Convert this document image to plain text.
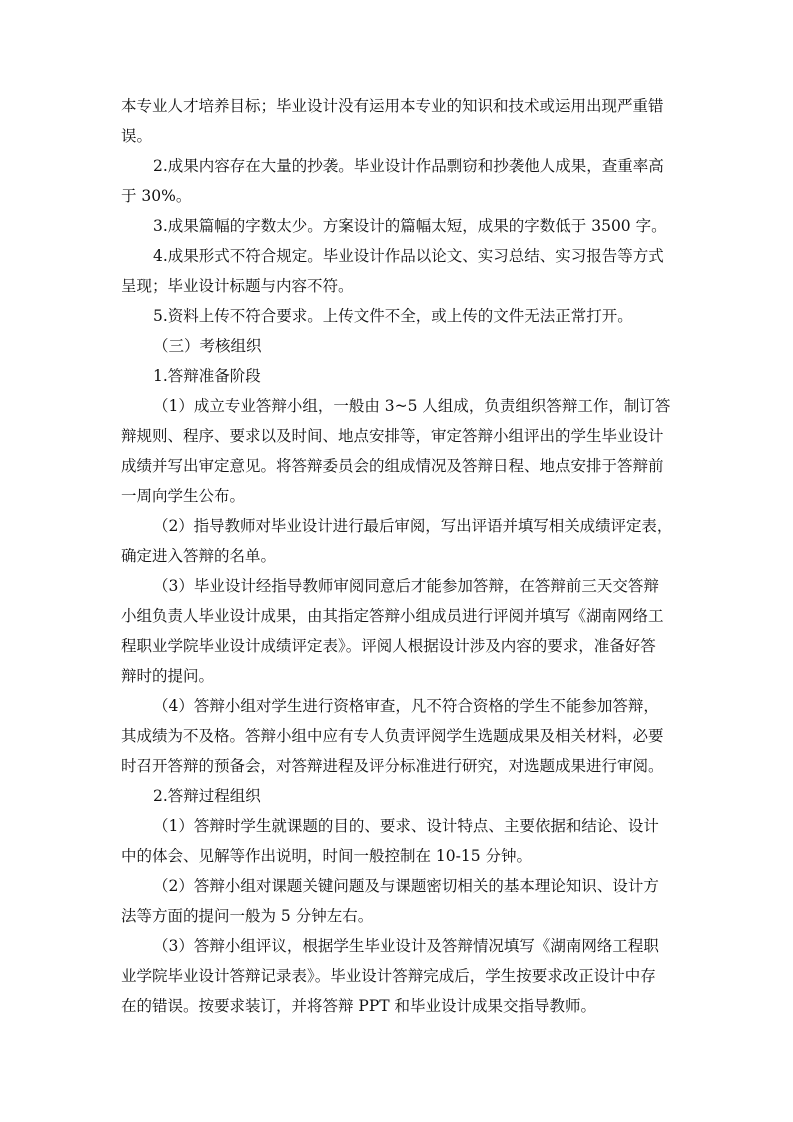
本专业人才培养目标；毕业设计没有运用本专业的知识和技术或运用出现严重错
误。
2.成果内容存在大量的抄袭。毕业设计作品剽窃和抄袭他人成果，查重率高
于 30%。
3.成果篇幅的字数太少。方案设计的篇幅太短，成果的字数低于 3500 字。
4.成果形式不符合规定。毕业设计作品以论文、实习总结、实习报告等方式
呈现；毕业设计标题与内容不符。
5.资料上传不符合要求。上传文件不全，或上传的文件无法正常打开。
（三）考核组织
1.答辩准备阶段
（1）成立专业答辩小组，一般由 3~5 人组成，负责组织答辩工作，制订答
辩规则、程序、要求以及时间、地点安排等，审定答辩小组评出的学生毕业设计
成绩并写出审定意见。将答辩委员会的组成情况及答辩日程、地点安排于答辩前
一周向学生公布。
（2）指导教师对毕业设计进行最后审阅，写出评语并填写相关成绩评定表，
确定进入答辩的名单。
（3）毕业设计经指导教师审阅同意后才能参加答辩，在答辩前三天交答辩
小组负责人毕业设计成果，由其指定答辩小组成员进行评阅并填写《湖南网络工
程职业学院毕业设计成绩评定表》。评阅人根据设计涉及内容的要求，准备好答
辩时的提问。
（4）答辩小组对学生进行资格审查，凡不符合资格的学生不能参加答辩，
其成绩为不及格。答辩小组中应有专人负责评阅学生选题成果及相关材料，必要
时召开答辩的预备会，对答辩进程及评分标准进行研究，对选题成果进行审阅。
2.答辩过程组织
（1）答辩时学生就课题的目的、要求、设计特点、主要依据和结论、设计
中的体会、见解等作出说明，时间一般控制在 10-15 分钟。
（2）答辩小组对课题关键问题及与课题密切相关的基本理论知识、设计方
法等方面的提问一般为 5 分钟左右。
（3）答辩小组评议，根据学生毕业设计及答辩情况填写《湖南网络工程职
业学院毕业设计答辩记录表》。毕业设计答辩完成后，学生按要求改正设计中存
在的错误。按要求装订，并将答辩 PPT 和毕业设计成果交指导教师。
